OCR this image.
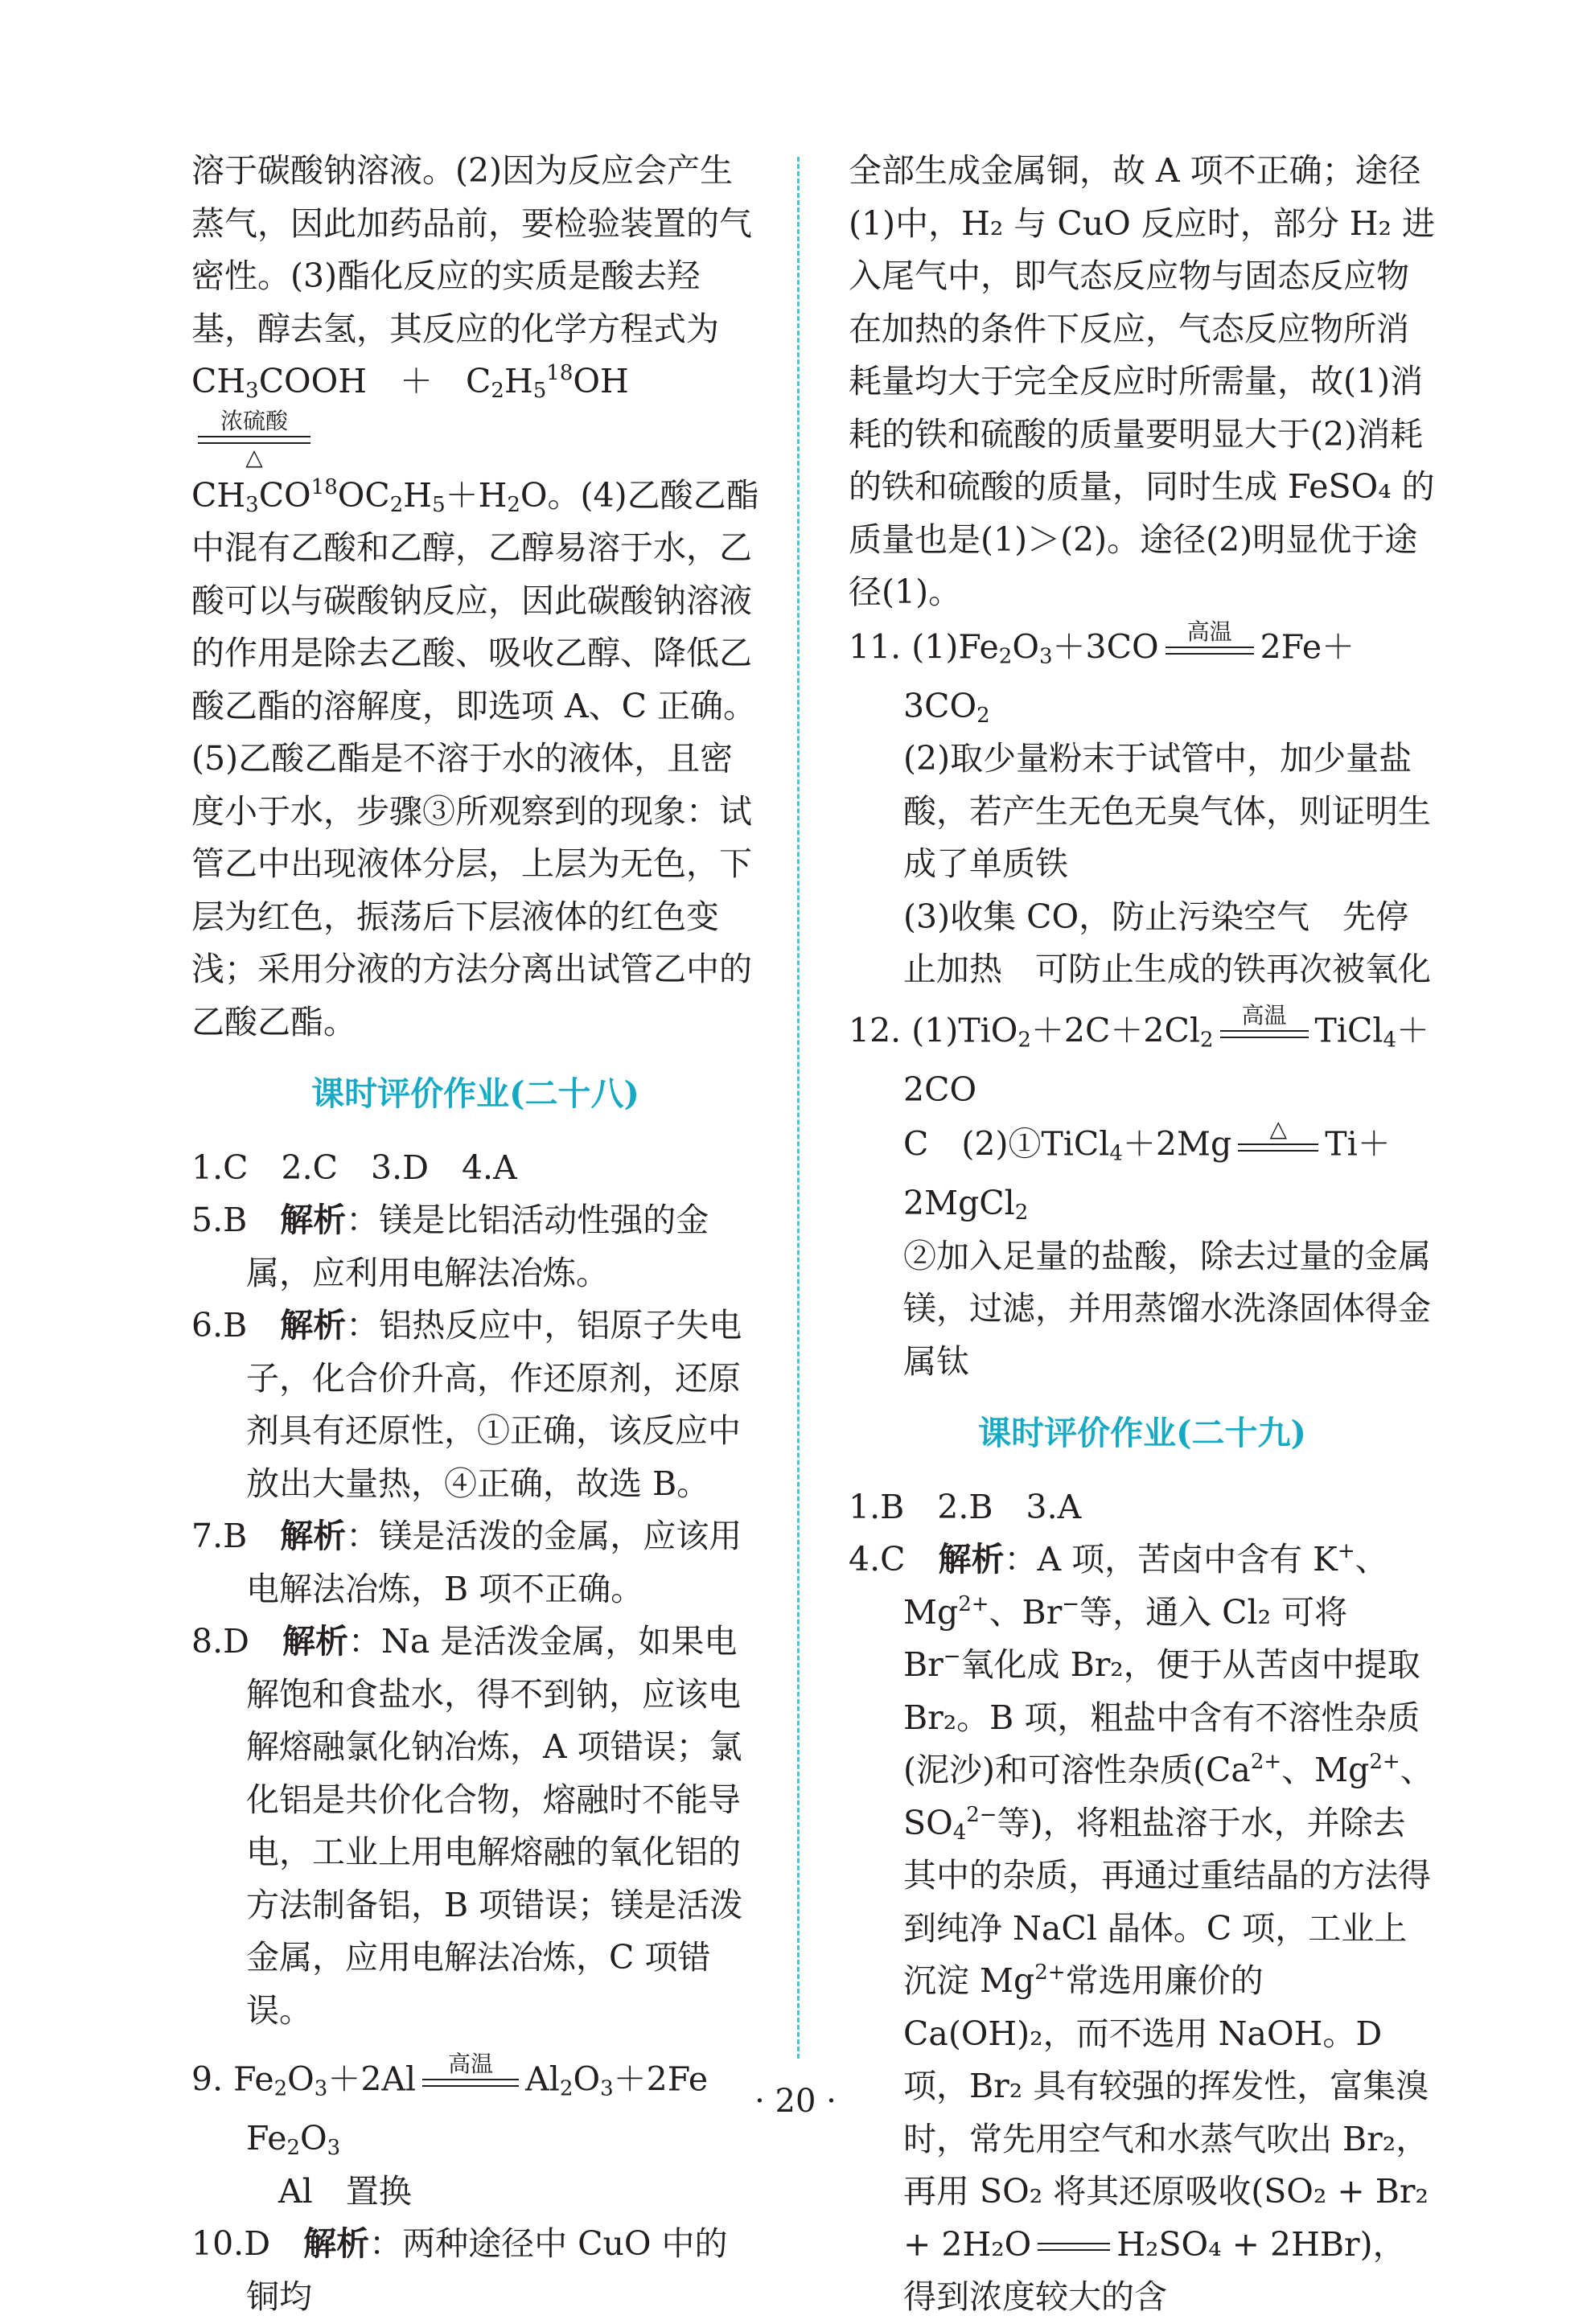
溶于碳酸钠溶液。(2)因为反应会产生蒸气，因此加药品前，要检验装置的气密性。(3)酯化反应的实质是酸去羟基，醇去氢，其反应的化学方程式为
$CH_3COOH$　＋　$C_2H_5^{18}OH$
浓硫酸
△

$CH_3CO^{18}OC_2H_5+H_2O$。(4)乙酸乙酯中混有乙酸和乙醇，乙醇易溶于水，乙酸可以与碳酸钠反应，因此碳酸钠溶液的作用是除去乙酸、吸收乙醇、降低乙酸乙酯的溶解度，即选项 A、C 正确。(5)乙酸乙酯是不溶于水的液体，且密度小于水，步骤③所观察到的现象：试管乙中出现液体分层，上层为无色，下层为红色，振荡后下层液体的红色变浅；采用分液的方法分离出试管乙中的乙酸乙酯。

课时评价作业(二十八)

1.C　2.C　3.D　4.A

5.B　 解析：镁是比铝活动性强的金属，应利用电解法冶炼。

6.B　 解析：铝热反应中，铝原子失电子，化合价升高，作还原剂，还原剂具有还原性，①正确，该反应中放出大量热，④正确，故选 B。

7.B　 解析：镁是活泼的金属，应该用电解法冶炼，B 项不正确。

8.D　 解析：Na 是活泼金属，如果电解饱和食盐水，得不到钠，应该电解熔融氯化钠冶炼，A 项错误；氯化铝是共价化合物，熔融时不能导电，工业上用电解熔融的氧化铝的方法制备铝，B 项错误；镁是活泼金属，应用电解法冶炼，C 项错误。

9. $Fe_2O_3+2Al$	高温
$Al_2O_3+2Fe$　$Fe_2O_3$
Al　置换

10.D　 解析：两种途径中 CuO 中的铜均

全部生成金属铜，故 A 项不正确；途径(1)中，H₂ 与 CuO 反应时，部分 H₂ 进入尾气中，即气态反应物与固态反应物在加热的条件下反应，气态反应物所消耗量均大于完全反应时所需量，故(1)消耗的铁和硫酸的质量要明显大于(2)消耗的铁和硫酸的质量，同时生成 FeSO₄ 的质量也是(1)＞(2)。途径(2)明显优于途径(1)。

11. $(1)Fe_2O_3+3CO$	高温
$2Fe+3CO_2$

(2)取少量粉末于试管中，加少量盐酸，若产生无色无臭气体，则证明生成了单质铁

(3)收集 CO，防止污染空气　先停止加热　可防止生成的铁再次被氧化

12. $(1)TiO_2+2C+2Cl_2$
高温
TiCl$_4$＋2CO

C　(2)①TiCl$_4$＋2Mg	△
	Ti＋2MgCl$_2$

②加入足量的盐酸，除去过量的金属镁，过滤，并用蒸馏水洗涤固体得金属钛

课时评价作业(二十九)

1.B　2.B　3.A

4.C　 解析：A 项，苦卤中含有 K+、$Mg^{2+}$、Br−等，通入 Cl₂ 可将 Br−氧化成 Br₂，便于从苦卤中提取 Br₂。B 项，粗盐中含有不溶性杂质(泥沙)和可溶性杂质($Ca^{2+}$、$Mg^{2+}$、$SO_4^{2-}$等)，将粗盐溶于水，并除去其中的杂质，再通过重结晶的方法得到纯净 NaCl 晶体。C 项，工业上沉淀 $Mg^{2+}$常选用廉价的 Ca(OH)₂，而不选用 NaOH。D 项，Br₂ 具有较强的挥发性，富集溴时，常先用空气和水蒸气吹出 Br₂，再用 SO₂ 将其还原吸收(SO₂ + Br₂ + 2H₂O	H₂SO₄ + 2HBr)，得到浓度较大的含

· 20 ·
